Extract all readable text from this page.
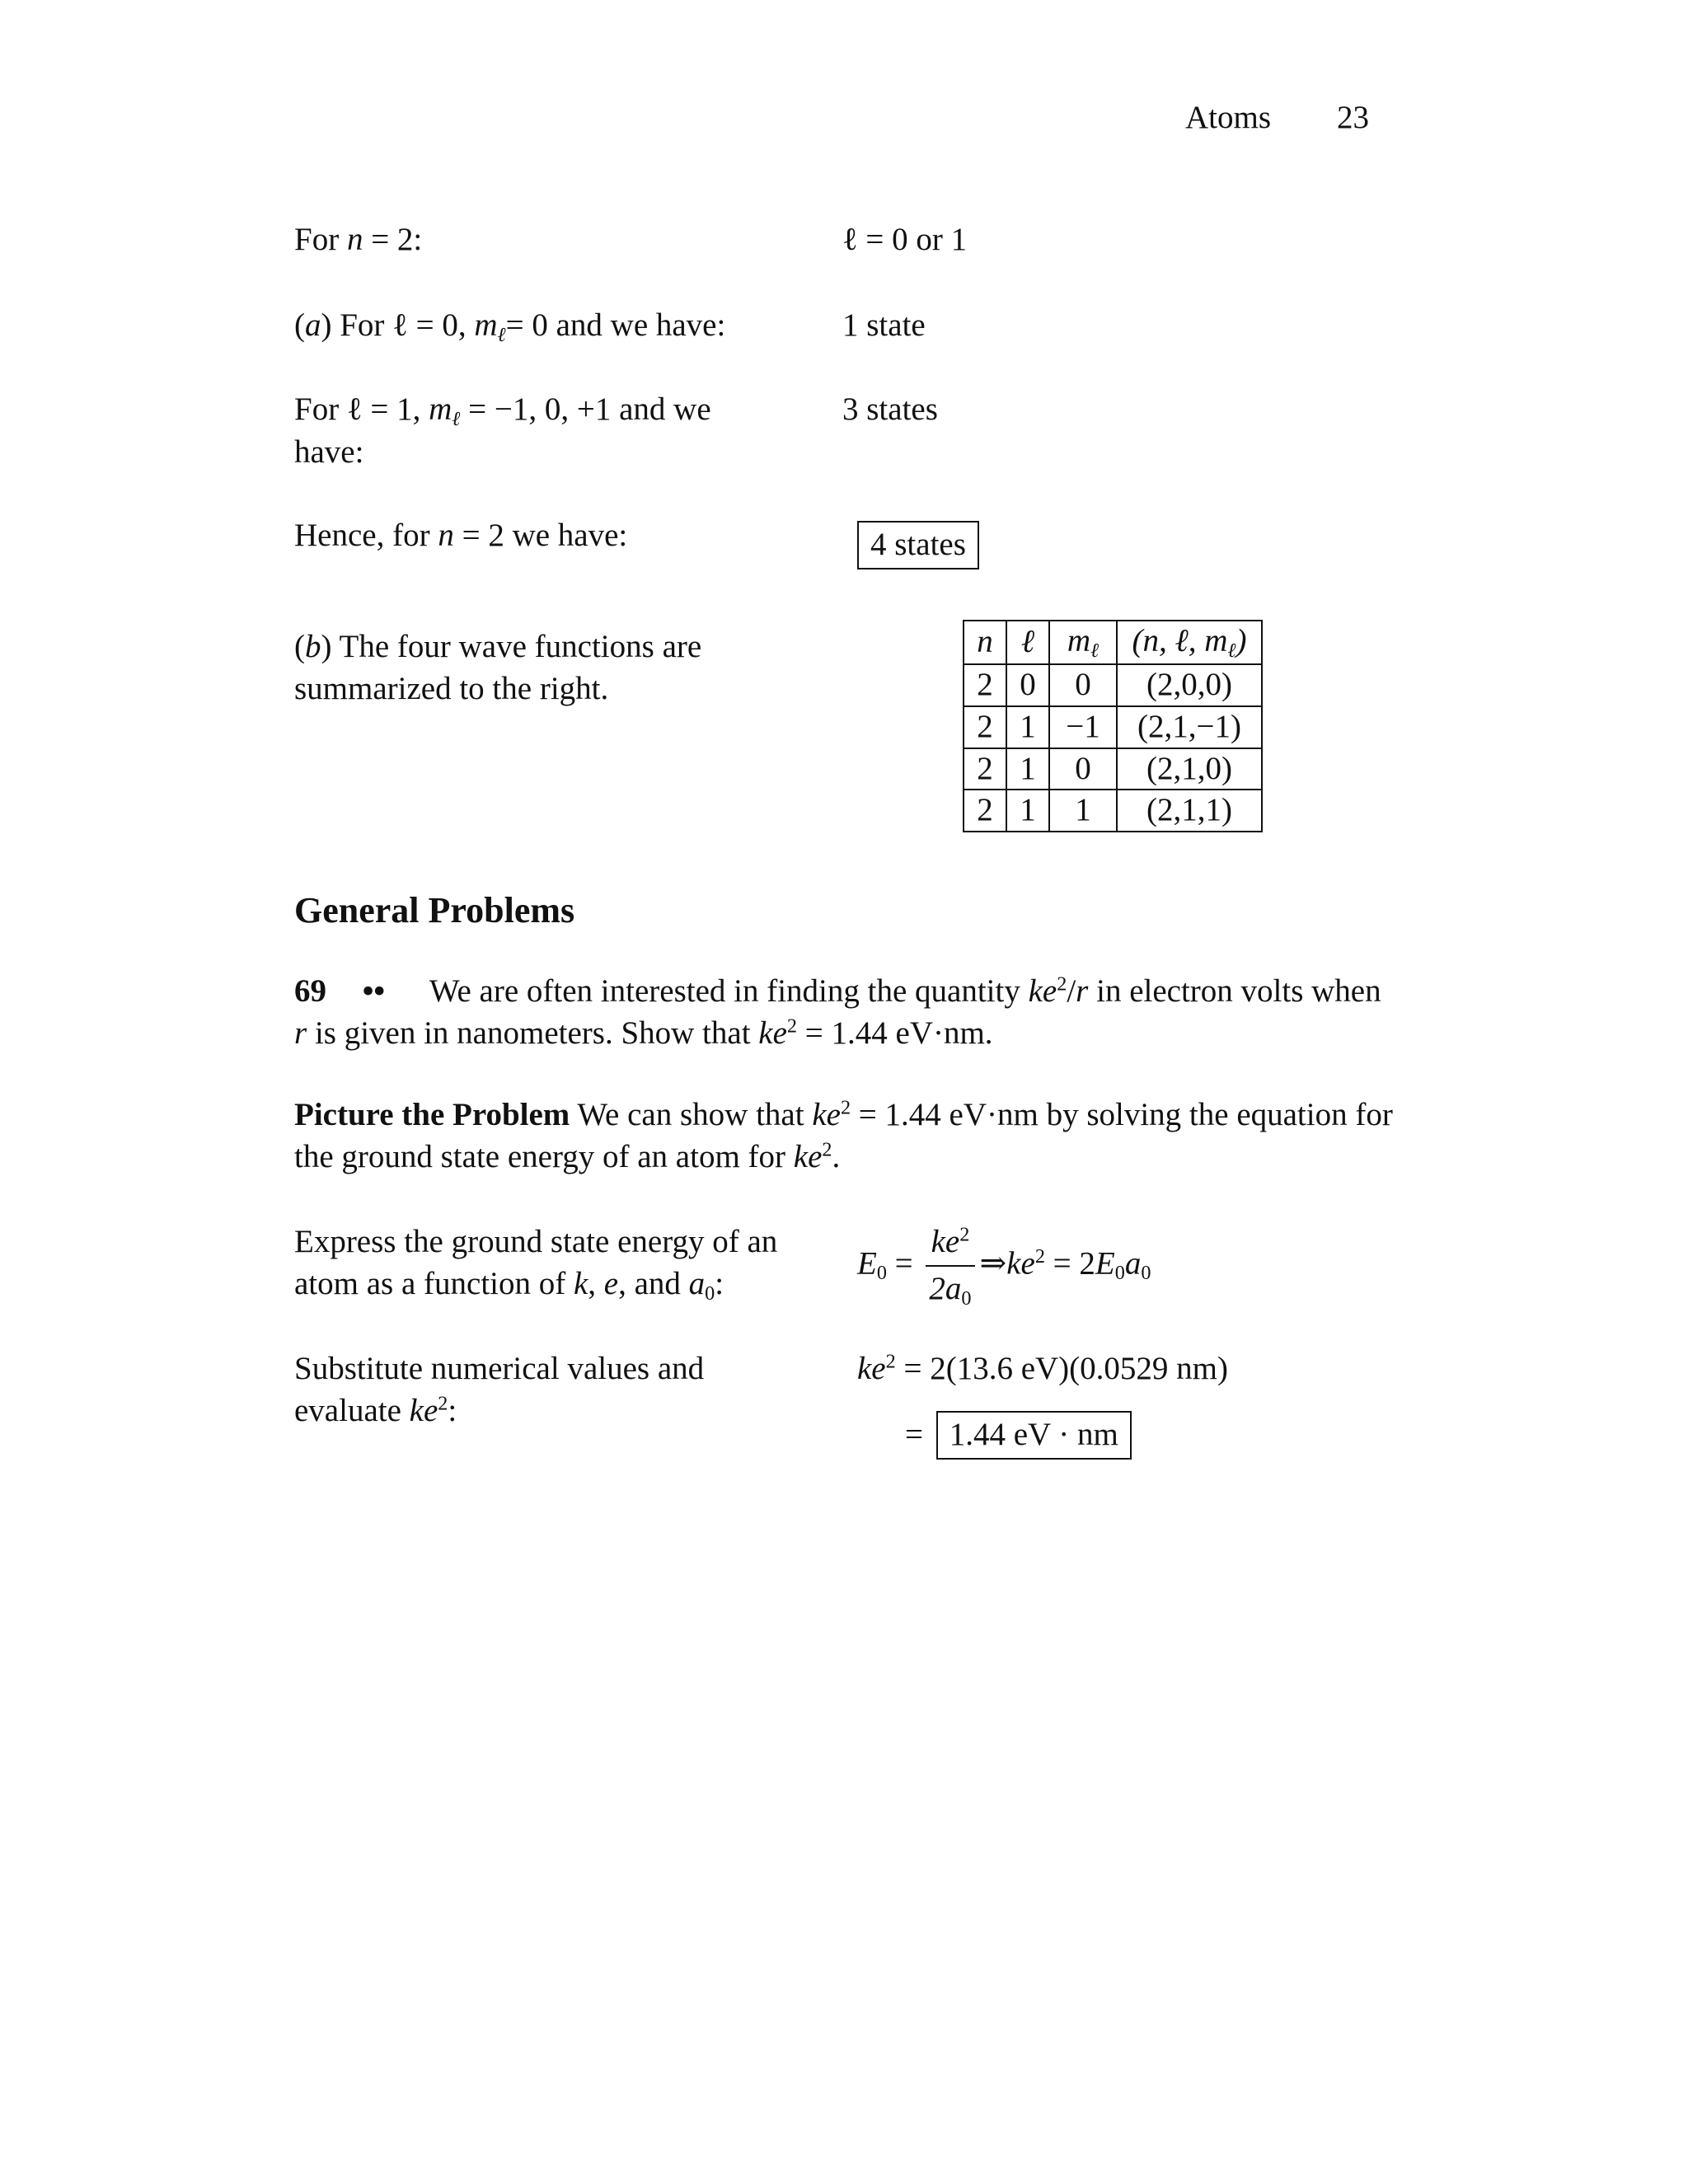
Atoms 23
For n = 2:	ℓ = 0 or 1
(a) For ℓ = 0, $m_\ell= 0$ and we have:	1 state
For ℓ = 1, $m_\ell = -1$, 0, +1 and we have:
3 states
Hence, for n = 2 we have:	4 states
(b) The four wave functions are summarized to the right.
n	ℓ	$m_\ell$	(n, ℓ, $m_\ell$)
2	0	0	(2,0,0)
2	1	−1	(2,1,−1)
2	1	0	(2,1,0)
2	1	1	(2,1,1)
General Problems
69 •• We are often interested in finding the quantity $ke^2/r$ in electron volts when r is given in nanometers. Show that $ke^2 = 1.44$ eV·nm.
Picture the Problem We can show that $ke^2 = 1.44$ eV·nm by solving the equation for the ground state energy of an atom for $ke^2$.
Express the ground state energy of an atom as a function of k, e, and $a_0$:
$E_0 = \frac{ke^2}{2a_0}$ $\Rightarrow ke^2 = 2E_0a_0$
Substitute numerical values and evaluate $ke^2$:
$ke^2 = 2(13.6$ eV)(0.0529 nm)
= 1.44 eV · nm
